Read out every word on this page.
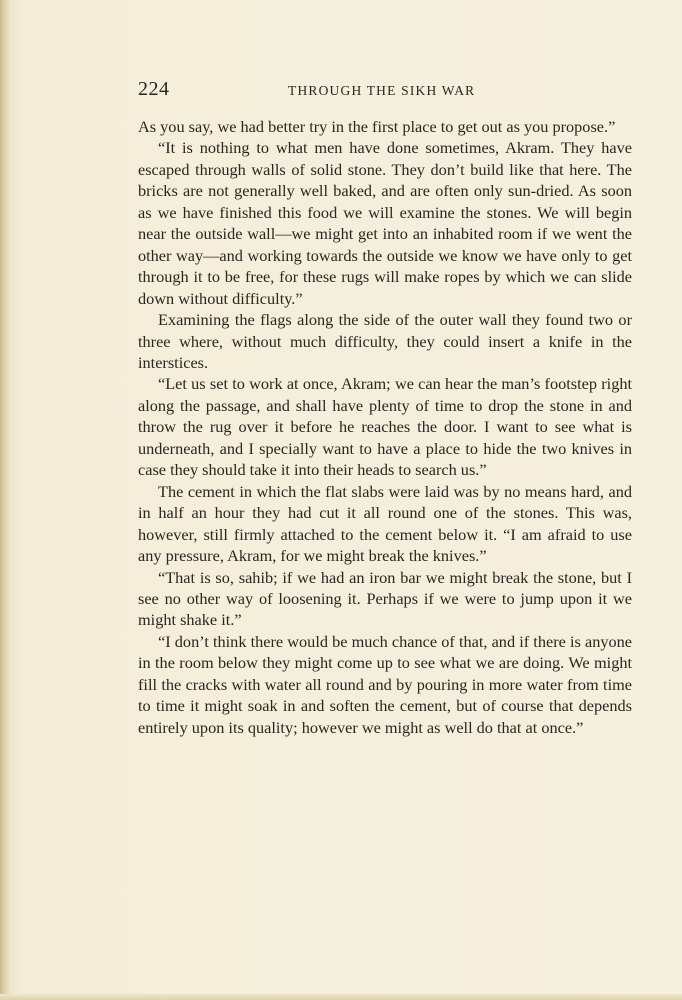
224	THROUGH THE SIKH WAR

As you say, we had better try in the first place to get out as you propose.”

“It is nothing to what men have done sometimes, Akram. They have escaped through walls of solid stone. They don’t build like that here. The bricks are not generally well baked, and are often only sun-dried. As soon as we have finished this food we will examine the stones. We will begin near the outside wall—we might get into an inhabited room if we went the other way—and working towards the outside we know we have only to get through it to be free, for these rugs will make ropes by which we can slide down without difficulty.”

Examining the flags along the side of the outer wall they found two or three where, without much difficulty, they could insert a knife in the interstices.

“Let us set to work at once, Akram; we can hear the man’s footstep right along the passage, and shall have plenty of time to drop the stone in and throw the rug over it before he reaches the door. I want to see what is underneath, and I specially want to have a place to hide the two knives in case they should take it into their heads to search us.”

The cement in which the flat slabs were laid was by no means hard, and in half an hour they had cut it all round one of the stones. This was, however, still firmly attached to the cement below it. “I am afraid to use any pressure, Akram, for we might break the knives.”

“That is so, sahib; if we had an iron bar we might break the stone, but I see no other way of loosening it. Perhaps if we were to jump upon it we might shake it.”

“I don’t think there would be much chance of that, and if there is anyone in the room below they might come up to see what we are doing. We might fill the cracks with water all round and by pouring in more water from time to time it might soak in and soften the cement, but of course that depends entirely upon its quality; however we might as well do that at once.”
